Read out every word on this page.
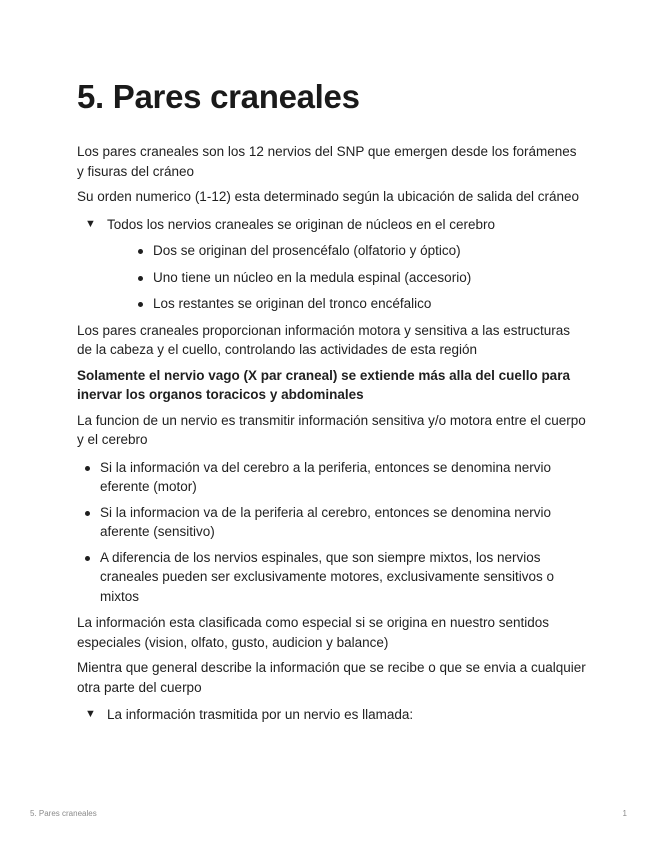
5. Pares craneales

Los pares craneales son los 12 nervios del SNP que emergen desde los forámenes y fisuras del cráneo

Su orden numerico (1-12) esta determinado según la ubicación de salida del cráneo

▼ Todos los nervios craneales se originan de núcleos en el cerebro
Dos se originan del prosencéfalo (olfatorio y óptico)
Uno tiene un núcleo en la medula espinal (accesorio)
Los restantes se originan del tronco encéfalico

Los pares craneales proporcionan información motora y sensitiva a las estructuras de la cabeza y el cuello, controlando las actividades de esta región

Solamente el nervio vago (X par craneal) se extiende más alla del cuello para inervar los organos toracicos y abdominales

La funcion de un nervio es transmitir información sensitiva y/o motora entre el cuerpo y el cerebro

Si la información va del cerebro a la periferia, entonces se denomina nervio eferente (motor)
Si la informacion va de la periferia al cerebro, entonces se denomina nervio aferente (sensitivo)
A diferencia de los nervios espinales, que son siempre mixtos, los nervios craneales pueden ser exclusivamente motores, exclusivamente sensitivos o mixtos

La información esta clasificada como especial si se origina en nuestro sentidos especiales (vision, olfato, gusto, audicion y balance)

Mientra que general describe la información que se recibe o que se envia a cualquier otra parte del cuerpo

▼ La información trasmitida por un nervio es llamada:
5. Pares craneales	1
